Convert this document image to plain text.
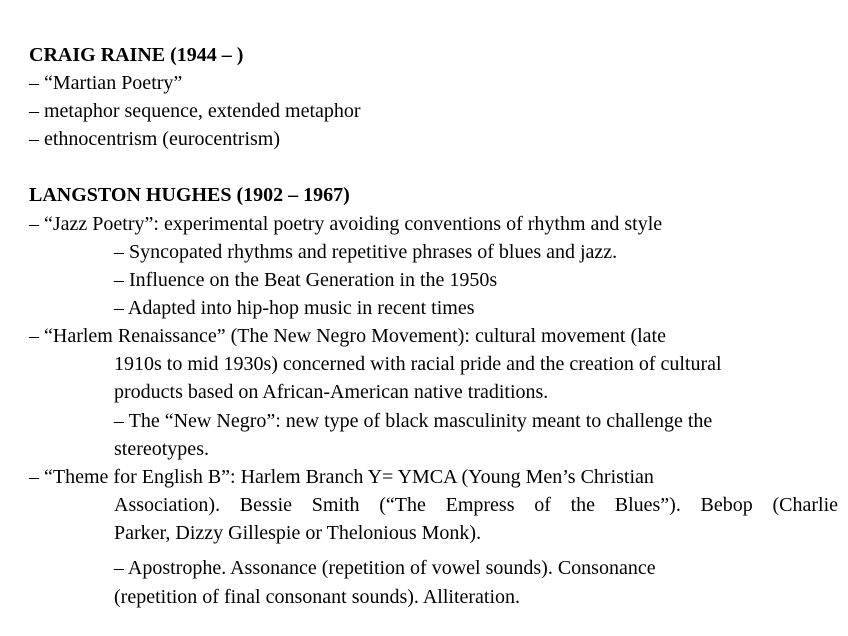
CRAIG RAINE (1944 – )
– “Martian Poetry”
– metaphor sequence, extended metaphor
– ethnocentrism (eurocentrism)
LANGSTON HUGHES (1902 – 1967)
– “Jazz Poetry”: experimental poetry avoiding conventions of rhythm and style
– Syncopated rhythms and repetitive phrases of blues and jazz.
– Influence on the Beat Generation in the 1950s
– Adapted into hip-hop music in recent times
– “Harlem Renaissance” (The New Negro Movement): cultural movement (late
1910s to mid 1930s) concerned with racial pride and the creation of cultural
products based on African-American native traditions.
– The “New Negro”: new type of black masculinity meant to challenge the
stereotypes.
– “Theme for English B”: Harlem Branch Y= YMCA (Young Men’s Christian
Association). Bessie Smith (“The Empress of the Blues”). Bebop (Charlie
Parker, Dizzy Gillespie or Thelonious Monk).
– Apostrophe. Assonance (repetition of vowel sounds). Consonance
(repetition of final consonant sounds). Alliteration.
